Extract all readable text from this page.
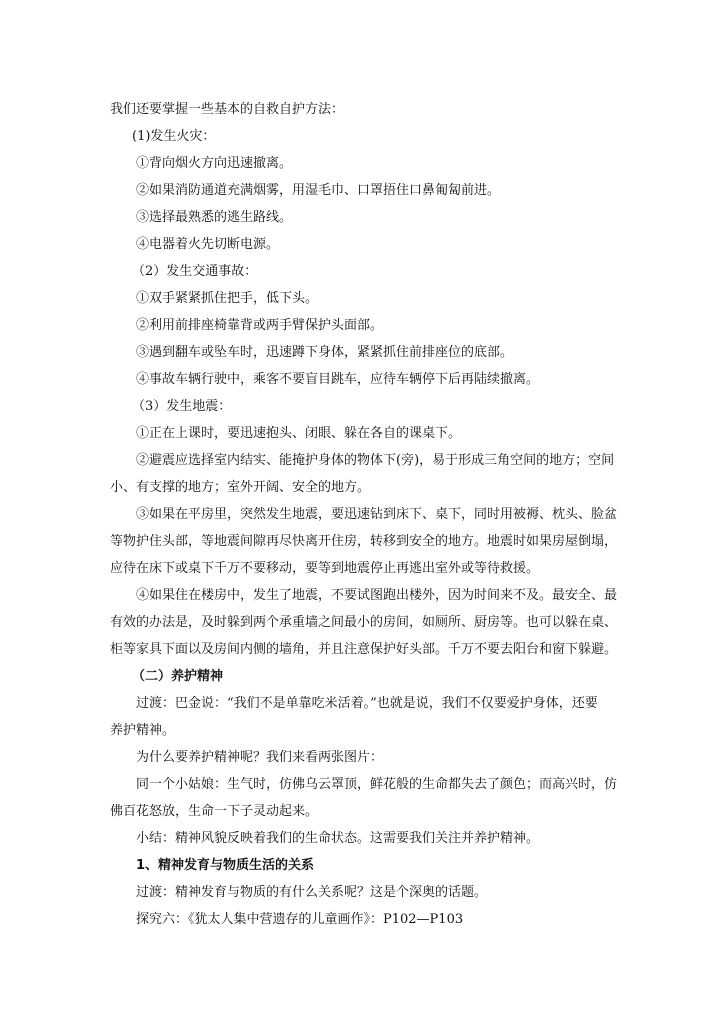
我们还要掌握一些基本的自救自护方法：

(1)发生火灾：

①背向烟火方向迅速撤离。

②如果消防通道充满烟雾，用湿毛巾、口罩捂住口鼻匍匐前进。

③选择最熟悉的逃生路线。

④电器着火先切断电源。

（2）发生交通事故：

①双手紧紧抓住把手，低下头。

②利用前排座椅靠背或两手臂保护头面部。

③遇到翻车或坠车时，迅速蹲下身体，紧紧抓住前排座位的底部。

④事故车辆行驶中，乘客不要盲目跳车，应待车辆停下后再陆续撤离。

（3）发生地震：

①正在上课时，要迅速抱头、闭眼、躲在各自的课桌下。

②避震应选择室内结实、能掩护身体的物体下(旁)，易于形成三角空间的地方；空间

小、有支撑的地方；室外开阔、安全的地方。

③如果在平房里，突然发生地震，要迅速钻到床下、桌下，同时用被褥、枕头、脸盆

等物护住头部，等地震间隙再尽快离开住房，转移到安全的地方。地震时如果房屋倒塌，

应待在床下或桌下千万不要移动，要等到地震停止再逃出室外或等待救援。

④如果住在楼房中，发生了地震，不要试图跑出楼外，因为时间来不及。最安全、最

有效的办法是，及时躲到两个承重墙之间最小的房间，如厕所、厨房等。也可以躲在桌、

柜等家具下面以及房间内侧的墙角，并且注意保护好头部。千万不要去阳台和窗下躲避。

（二）养护精神

过渡：巴金说：“我们不是单靠吃米活着。”也就是说，我们不仅要爱护身体，还要

养护精神。

为什么要养护精神呢？我们来看两张图片：

同一个小姑娘：生气时，仿佛乌云罩顶，鲜花般的生命都失去了颜色；而高兴时，仿

佛百花怒放，生命一下子灵动起来。

小结：精神风貌反映着我们的生命状态。这需要我们关注并养护精神。

1、精神发育与物质生活的关系

过渡：精神发育与物质的有什么关系呢？这是个深奥的话题。

探究六：《犹太人集中营遗存的儿童画作》：P102—P103
